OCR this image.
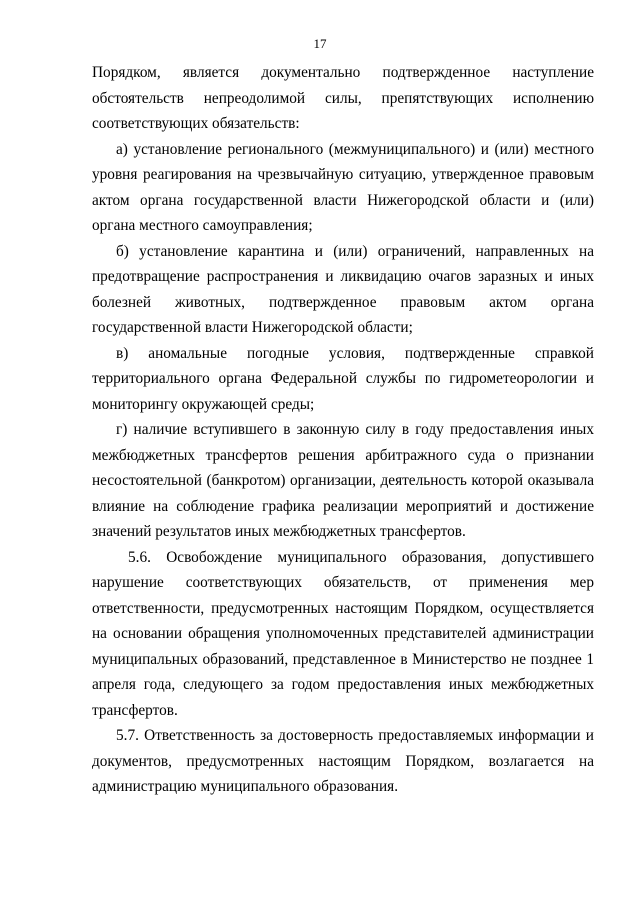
17

Порядком, является документально подтвержденное наступление обстоятельств непреодолимой силы, препятствующих исполнению соответствующих обязательств:

а) установление регионального (межмуниципального) и (или) местного уровня реагирования на чрезвычайную ситуацию, утвержденное правовым актом органа государственной власти Нижегородской области и (или) органа местного самоуправления;

б) установление карантина и (или) ограничений, направленных на предотвращение распространения и ликвидацию очагов заразных и иных болезней животных, подтвержденное правовым актом органа государственной власти Нижегородской области;

в) аномальные погодные условия, подтвержденные справкой территориального органа Федеральной службы по гидрометеорологии и мониторингу окружающей среды;

г) наличие вступившего в законную силу в году предоставления иных межбюджетных трансфертов решения арбитражного суда о признании несостоятельной (банкротом) организации, деятельность которой оказывала влияние на соблюдение графика реализации мероприятий и достижение значений результатов иных межбюджетных трансфертов.

5.6. Освобождение муниципального образования, допустившего нарушение соответствующих обязательств, от применения мер ответственности, предусмотренных настоящим Порядком, осуществляется на основании обращения уполномоченных представителей администрации муниципальных образований, представленное в Министерство не позднее 1 апреля года, следующего за годом предоставления иных межбюджетных трансфертов.

5.7. Ответственность за достоверность предоставляемых информации и документов, предусмотренных настоящим Порядком, возлагается на администрацию муниципального образования.
